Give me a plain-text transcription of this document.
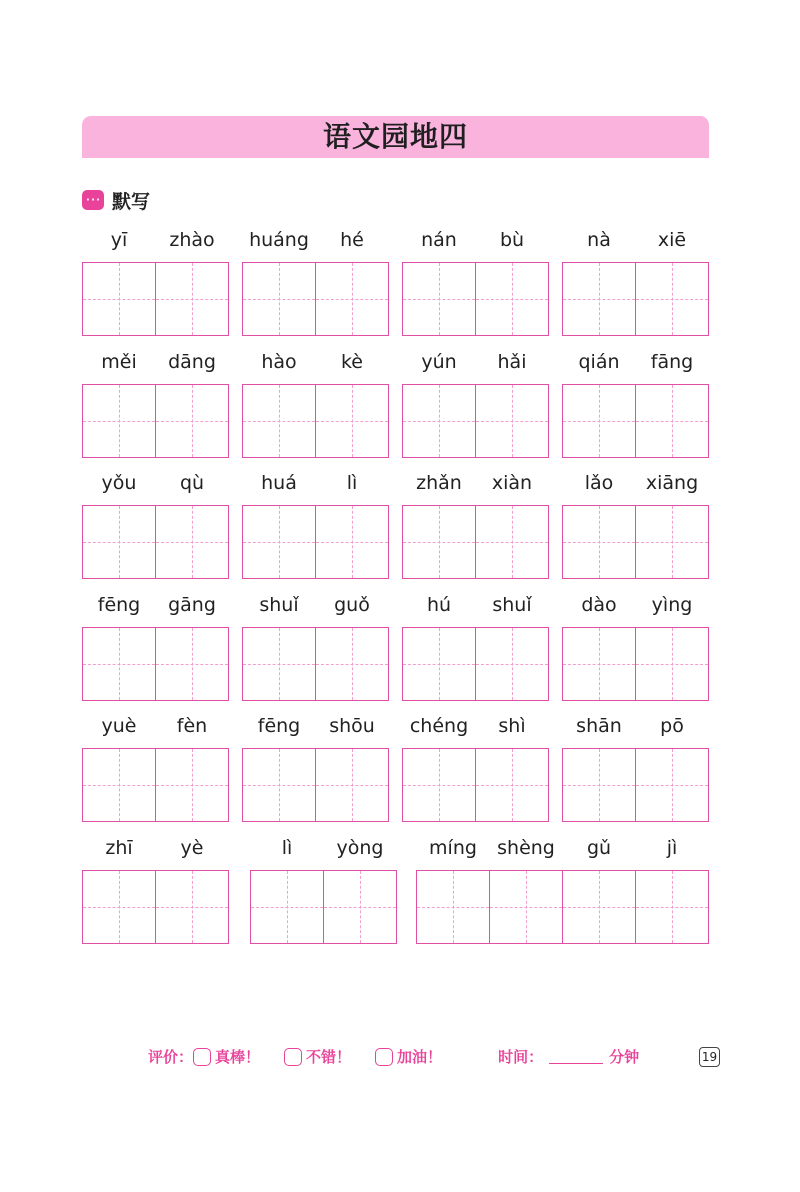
语文园地四
··· 默写
yī	zhào	huáng	hé	nán	bù	nà	xiē
měi	dāng	hào	kè	yún	hǎi	qián	fāng
yǒu	qù	huá	lì	zhǎn	xiàn	lǎo	xiāng
fēng	gāng	shuǐ	guǒ	hú	shuǐ	dào	yìng
yuè	fèn	fēng	shōu	chéng	shì	shān	pō
zhī	yè	lì	yòng	míng	shèng	gǔ	jì
评价： 真棒！	不错！	加油！	时间：	分钟	19
